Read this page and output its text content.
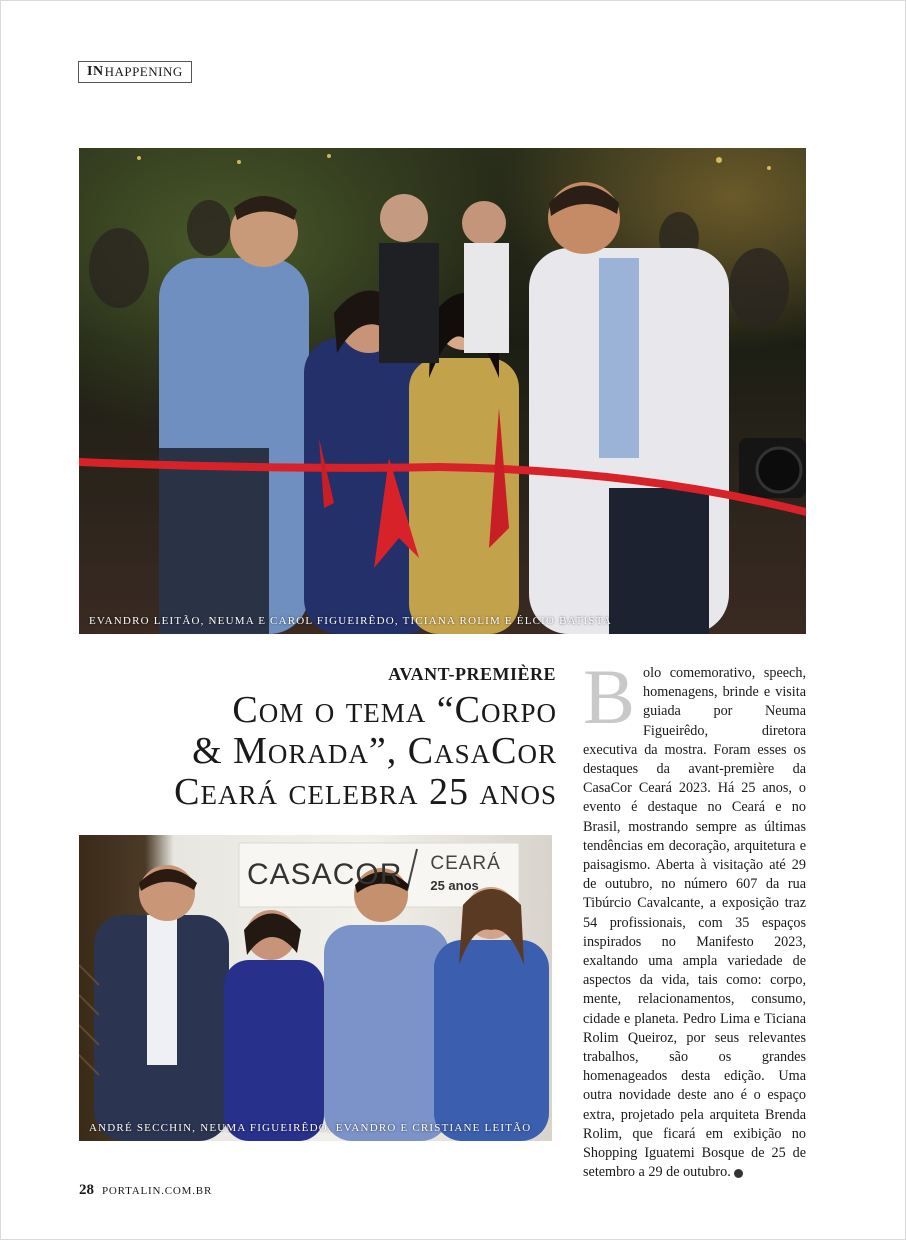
IN HAPPENING
EVANDRO LEITÃO, NEUMA E CAROL FIGUEIRÊDO, TICIANA ROLIM E ÉLCIO BATISTA
AVANT-PREMIÈRE
Com o tema “Corpo
& Morada”, CasaCor
Ceará celebra 25 anos
CASACOR CEARÁ
25 anos
ANDRÉ SECCHIN, NEUMA FIGUEIRÊDO, EVANDRO E CRISTIANE LEITÃO
Bolo comemorativo, speech, homenagens, brinde e visita guiada por Neuma Figueirêdo, diretora executiva da mostra. Foram esses os destaques da avant-première da CasaCor Ceará 2023. Há 25 anos, o evento é destaque no Ceará e no Brasil, mostrando sempre as últimas tendências em decoração, arquitetura e paisagismo. Aberta à visitação até 29 de outubro, no número 607 da rua Tibúrcio Cavalcante, a exposição traz 54 profissionais, com 35 espaços inspirados no Manifesto 2023, exaltando uma ampla variedade de aspectos da vida, tais como: corpo, mente, relacionamentos, consumo, cidade e planeta. Pedro Lima e Ticiana Rolim Queiroz, por seus relevantes trabalhos, são os grandes homenageados desta edição. Uma outra novidade deste ano é o espaço extra, projetado pela arquiteta Brenda Rolim, que ficará em exibição no Shopping Iguatemi Bosque de 25 de setembro a 29 de outubro.
28 PORTALIN.COM.BR
